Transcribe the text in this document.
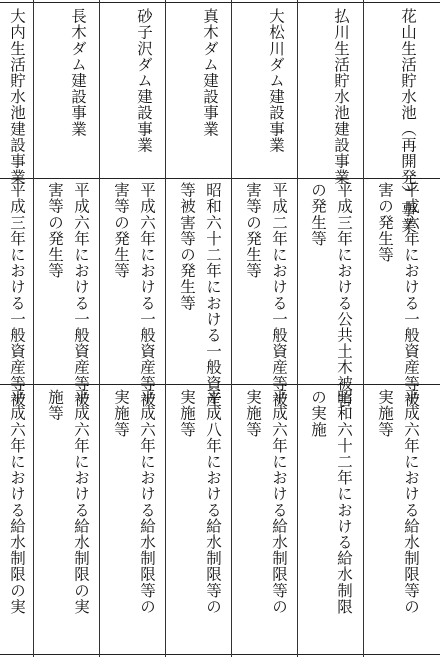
花山生活貯水池（再開発）事業
平成六年における一般資産等被
害の発生等
平成六年における給水制限等の
実施等
払川生活貯水池建設事業
平成三年における公共土木被害
の発生等
昭和六十二年における給水制限
の実施
大松川ダム建設事業
平成二年における一般資産等被
害等の発生等
平成六年における給水制限等の
実施等
真木ダム建設事業
昭和六十二年における一般資産
等被害等の発生等
平成八年における給水制限等の
実施等
砂子沢ダム建設事業
平成六年における一般資産等被
害等の発生等
平成六年における給水制限等の
実施等
長木ダム建設事業
平成六年における一般資産等被
害等の発生等
平成六年における給水制限の実
施等
大内生活貯水池建設事業
平成三年における一般資産等被
平成六年における給水制限の実
